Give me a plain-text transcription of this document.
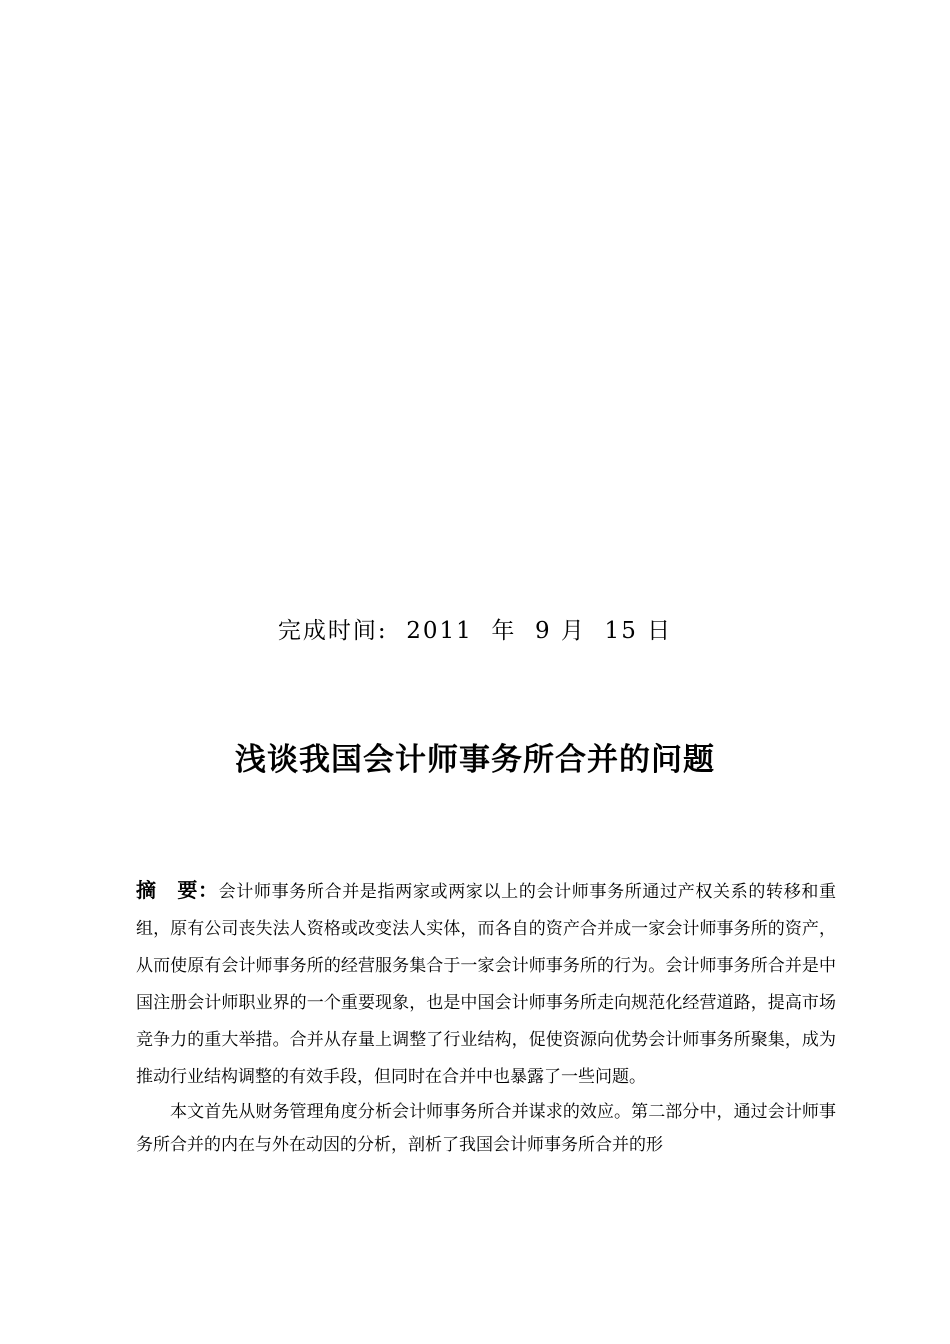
完成时间:  2011  年  9 月  15 日
浅谈我国会计师事务所合并的问题

摘　要：会计师事务所合并是指两家或两家以上的会计师事务所通过产权关系的转移和重组，原有公司丧失法人资格或改变法人实体，而各自的资产合并成一家会计师事务所的资产，从而使原有会计师事务所的经营服务集合于一家会计师事务所的行为。会计师事务所合并是中国注册会计师职业界的一个重要现象，也是中国会计师事务所走向规范化经营道路，提高市场竞争力的重大举措。合并从存量上调整了行业结构，促使资源向优势会计师事务所聚集，成为推动行业结构调整的有效手段，但同时在合并中也暴露了一些问题。

本文首先从财务管理角度分析会计师事务所合并谋求的效应。第二部分中，通过会计师事务所合并的内在与外在动因的分析，剖析了我国会计师事务所合并的形
